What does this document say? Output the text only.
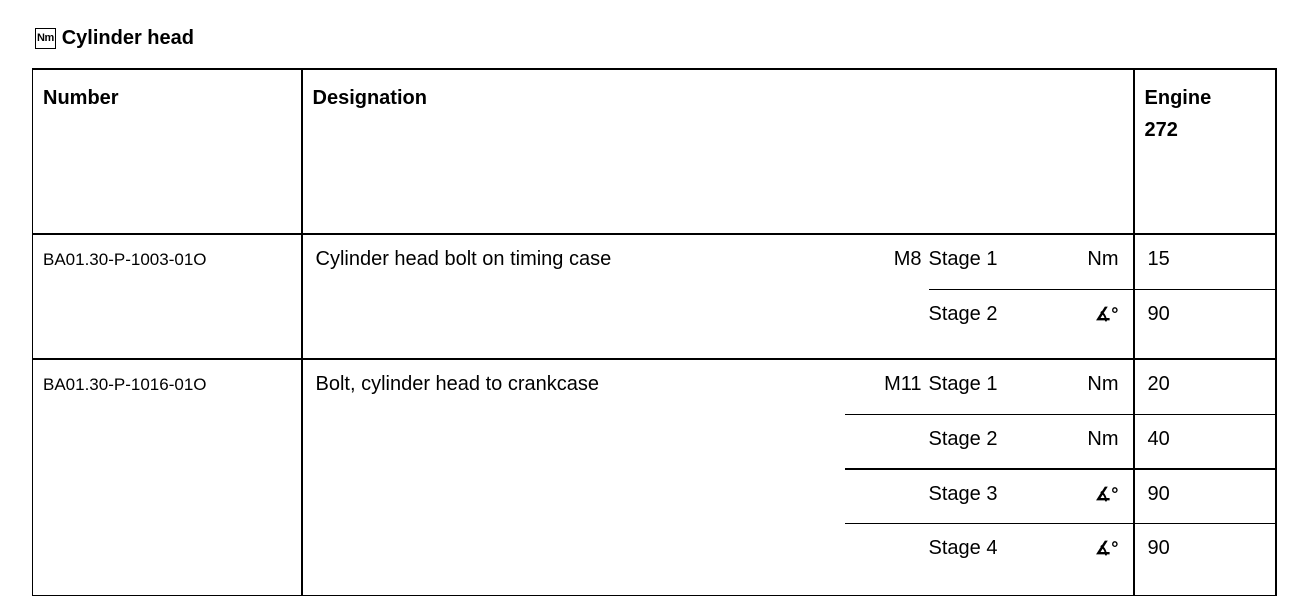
Nm Cylinder head
Number	Designation				Engine
272

BA01.30-P-1003-01O	Cylinder head bolt on timing case	M8	Stage 1	Nm	15
			Stage 2	∡°	90
BA01.30-P-1016-01O	Bolt, cylinder head to crankcase	M11	Stage 1	Nm	20
			Stage 2	Nm	40
			Stage 3	∡°	90
			Stage 4	∡°	90
